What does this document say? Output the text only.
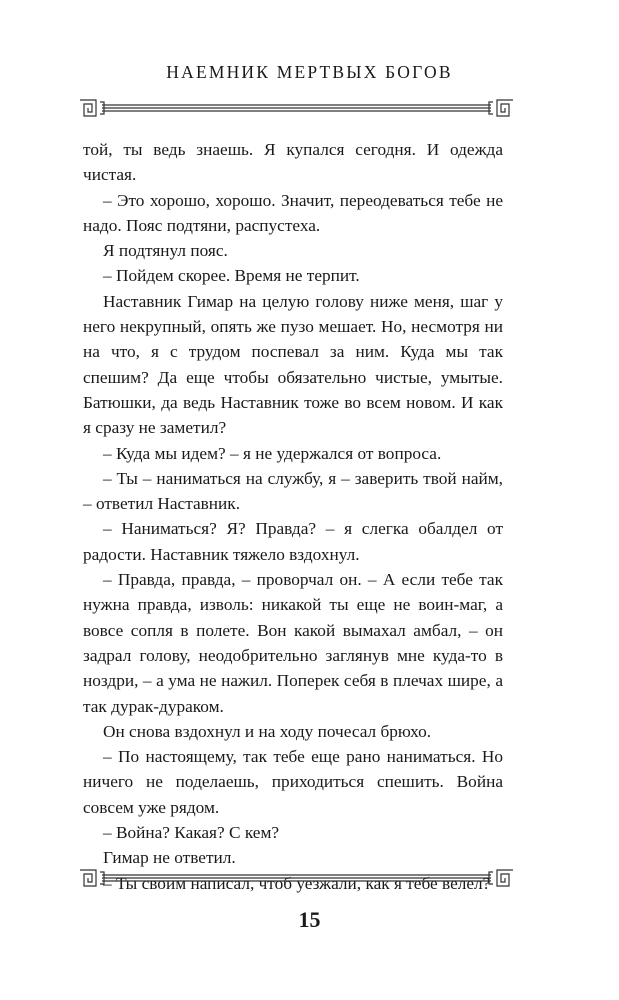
НАЕМНИК МЕРТВЫХ БОГОВ

той, ты ведь знаешь. Я купался сегодня. И одежда чистая.

– Это хорошо, хорошо. Значит, переодеваться тебе не надо. Пояс подтяни, распустеха.

Я подтянул пояс.

– Пойдем скорее. Время не терпит.

Наставник Гимар на целую голову ниже меня, шаг у него некрупный, опять же пузо мешает. Но, несмотря ни на что, я с трудом поспевал за ним. Куда мы так спешим? Да еще чтобы обязательно чистые, умытые. Батюшки, да ведь Наставник тоже во всем новом. И как я сразу не заметил?

– Куда мы идем? – я не удержался от вопроса.

– Ты – наниматься на службу, я – заверить твой найм, – ответил Наставник.

– Наниматься? Я? Правда? – я слегка обалдел от радости. Наставник тяжело вздохнул.

– Правда, правда, – проворчал он. – А если тебе так нужна правда, изволь: никакой ты еще не воин-маг, а вовсе сопля в полете. Вон какой вымахал амбал, – он задрал голову, неодобрительно заглянув мне куда-то в ноздри, – а ума не нажил. Поперек себя в плечах шире, а так дурак-дураком.

Он снова вздохнул и на ходу почесал брюхо.

– По настоящему, так тебе еще рано наниматься. Но ничего не поделаешь, приходиться спешить. Война совсем уже рядом.

– Война? Какая? С кем?

Гимар не ответил.

– Ты своим написал, чтоб уезжали, как я тебе велел?

15
